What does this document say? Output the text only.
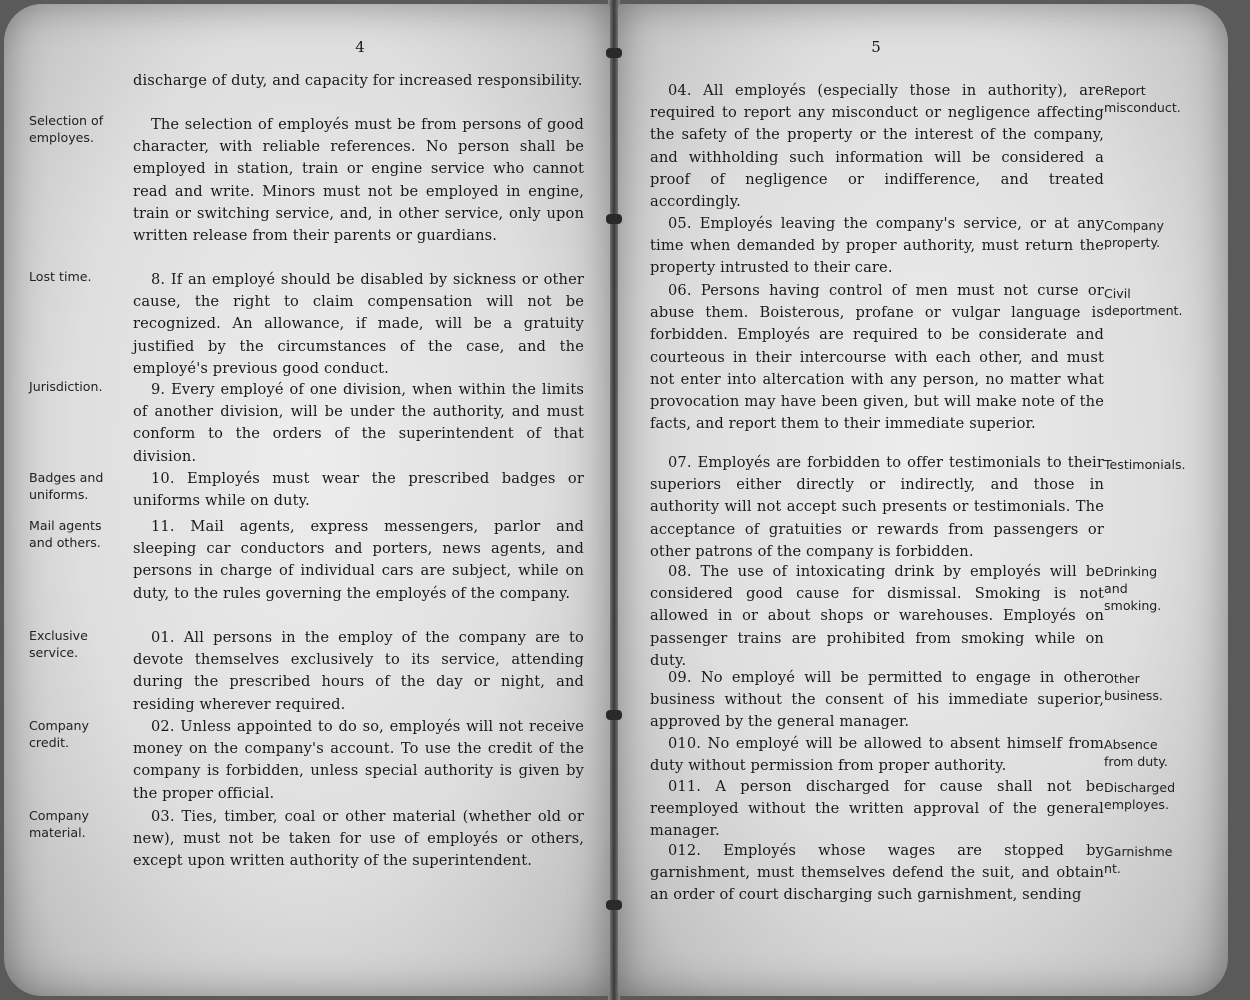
4

discharge of duty, and capacity for increased responsibility.

Selection of employes.

The selection of employés must be from persons of good character, with reliable references. No person shall be employed in station, train or engine service who cannot read and write. Minors must not be employed in engine, train or switching service, and, in other service, only upon written release from their parents or guardians.

Lost time.	8. If an employé should be disabled by sickness or other cause, the right to claim compensation will not be recognized. An allowance, if made, will be a gratuity justified by the circumstances of the case, and the employé's previous good conduct.

Jurisdiction.	9. Every employé of one division, when within the limits of another division, will be under the authority, and must conform to the orders of the superintendent of that division.

Badges and uniforms.

10. Employés must wear the prescribed badges or uniforms while on duty.

Mail agents and others.

11. Mail agents, express messengers, parlor and sleeping car conductors and porters, news agents, and persons in charge of individual cars are subject, while on duty, to the rules governing the employés of the company.

Exclusive service.

01. All persons in the employ of the company are to devote themselves exclusively to its service, attending during the prescribed hours of the day or night, and residing wherever required.

Company credit.

02. Unless appointed to do so, employés will not receive money on the company's account. To use the credit of the company is forbidden, unless special authority is given by the proper official.

Company material.

03. Ties, timber, coal or other material (whether old or new), must not be taken for use of employés or others, except upon written authority of the superintendent.

5

04. All employés (especially those in authority), are required to report any misconduct or negligence affecting the safety of the property or the interest of the company, and withholding such information will be considered a proof of negligence or indifference, and treated accordingly.

Report misconduct.

05. Employés leaving the company's service, or at any time when demanded by proper authority, must return the property intrusted to their care.

Company property.

06. Persons having control of men must not curse or abuse them. Boisterous, profane or vulgar language is forbidden. Employés are required to be considerate and courteous in their intercourse with each other, and must not enter into altercation with any person, no matter what provocation may have been given, but will make note of the facts, and report them to their immediate superior.

Civil deportment.

07. Employés are forbidden to offer testimonials to their superiors either directly or indirectly, and those in authority will not accept such presents or testimonials. The acceptance of gratuities or rewards from passengers or other patrons of the company is forbidden.

Testimonials.

08. The use of intoxicating drink by employés will be considered good cause for dismissal. Smoking is not allowed in or about shops or warehouses. Employés on passenger trains are prohibited from smoking while on duty.

Drinking and smoking.

09. No employé will be permitted to engage in other business without the consent of his immediate superior, approved by the general manager.

Other business.

010. No employé will be allowed to absent himself from duty without permission from proper authority.

Absence from duty.

011. A person discharged for cause shall not be reemployed without the written approval of the general manager.

Discharged employes.

012. Employés whose wages are stopped by garnishment, must themselves defend the suit, and obtain an order of court discharging such garnishment, sending

Garnishment.
